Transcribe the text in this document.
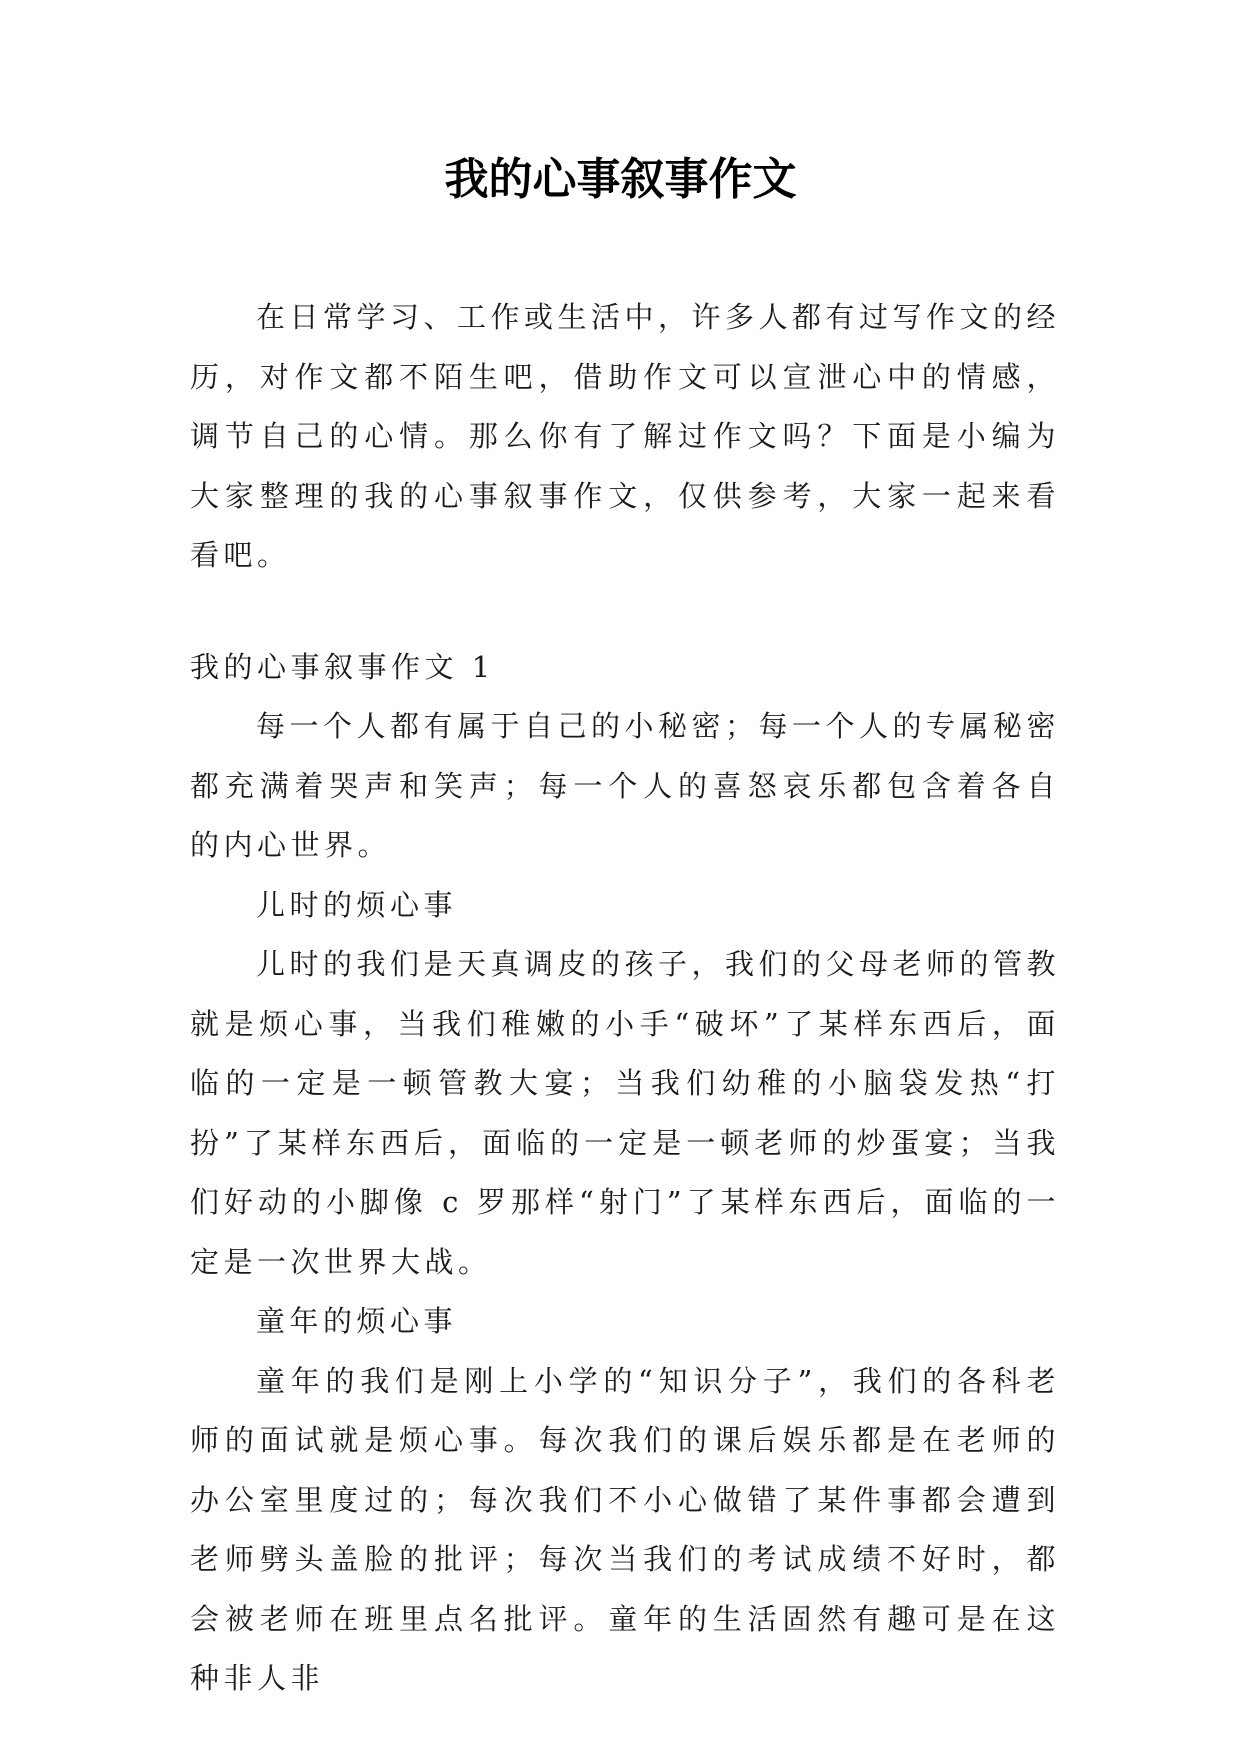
我的心事叙事作文

在日常学习、工作或生活中，许多人都有过写作文的经历，对作文都不陌生吧，借助作文可以宣泄心中的情感，调节自己的心情。那么你有了解过作文吗？下面是小编为大家整理的我的心事叙事作文，仅供参考，大家一起来看看吧。

我的心事叙事作文 1

每一个人都有属于自己的小秘密；每一个人的专属秘密都充满着哭声和笑声；每一个人的喜怒哀乐都包含着各自的内心世界。

儿时的烦心事

儿时的我们是天真调皮的孩子，我们的父母老师的管教就是烦心事，当我们稚嫩的小手“破坏”了某样东西后，面临的一定是一顿管教大宴；当我们幼稚的小脑袋发热“打扮”了某样东西后，面临的一定是一顿老师的炒蛋宴；当我们好动的小脚像 c 罗那样“射门”了某样东西后，面临的一定是一次世界大战。

童年的烦心事

童年的我们是刚上小学的“知识分子”，我们的各科老师的面试就是烦心事。每次我们的课后娱乐都是在老师的办公室里度过的；每次我们不小心做错了某件事都会遭到老师劈头盖脸的批评；每次当我们的考试成绩不好时，都会被老师在班里点名批评。童年的生活固然有趣可是在这种非人非
